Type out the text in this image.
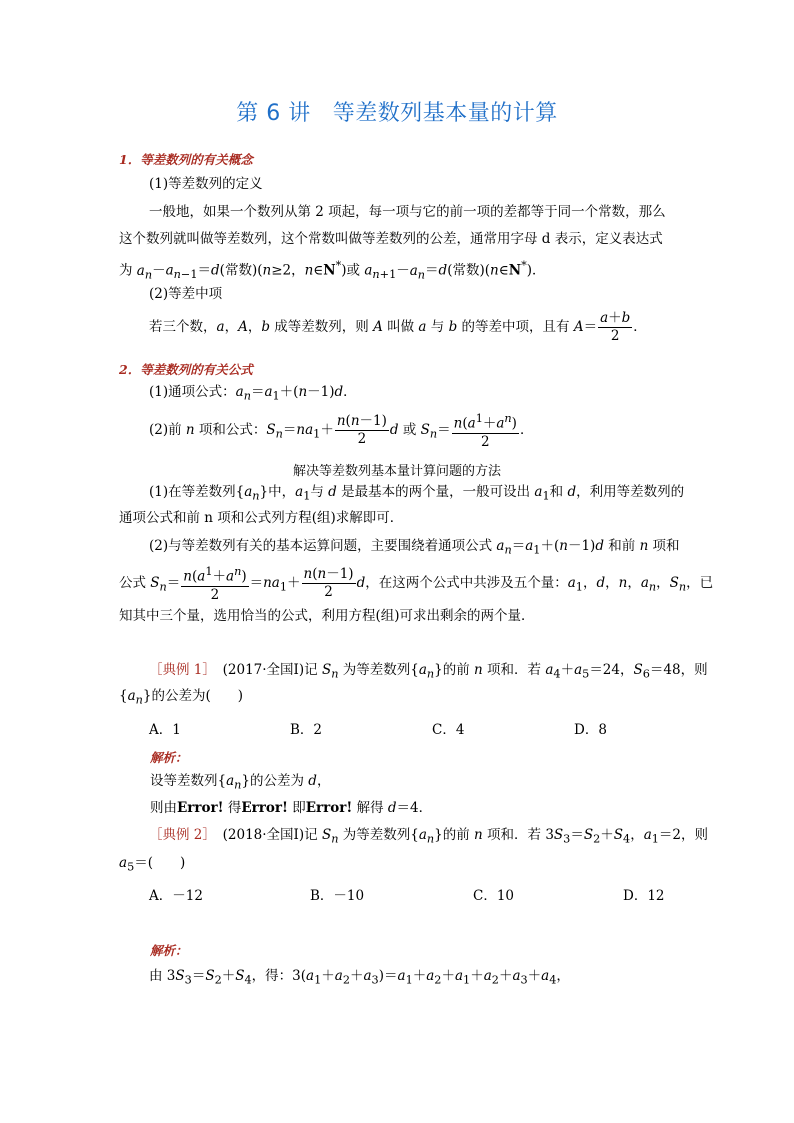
第 6 讲 等差数列基本量的计算
1．等差数列的有关概念
(1)等差数列的定义
一般地，如果一个数列从第 2 项起，每一项与它的前一项的差都等于同一个常数，那么
这个数列就叫做等差数列，这个常数叫做等差数列的公差，通常用字母 d 表示，定义表达式
为 $a_n-a_{n-1}=d$(常数)(n≥2，n∈N*)或 $a_{n+1}-a_n=d$(常数)(n∈N*)．
(2)等差中项
若三个数，a，A，b 成等差数列，则 A 叫做 a 与 b 的等差中项，且有 $A= \frac{a+b}{2}$ ．
2．等差数列的有关公式
(1)通项公式：$a_n=a_1+(n-1)d$．
(2)前 n 项和公式：$S_n=na_1+ \frac{n(n-1)}{2}$ d 或 $S_n= \frac{n(a^1+a^n)}{2}$ ．
解决等差数列基本量计算问题的方法
(1)在等差数列$\{a_n\}$中，$a_1$与 d 是最基本的两个量，一般可设出 $a_1$和 d，利用等差数列的
通项公式和前 n 项和公式列方程(组)求解即可．
(2)与等差数列有关的基本运算问题，主要围绕着通项公式 $a_n=a_1+(n-1)d$ 和前 n 项和
公式 $S_n= \frac{n(a^1+a^n)}{2} =na_1+ \frac{n(n-1)}{2}$ d，在这两个公式中共涉及五个量：$a_1$，d，n，$a_n$，$S_n$，已
知其中三个量，选用恰当的公式，利用方程(组)可求出剩余的两个量．
［典例 1］　(2017·全国Ⅰ)记 $S_n$ 为等差数列$\{a_n\}$的前 n 项和．若 $a_4+a_5=24$，$S_6=48$，则
$\{a_n\}$的公差为(　　)
A．1	B．2	C．4	D．8
解析：
设等差数列$\{a_n\}$的公差为 d，
则由Error! 得Error! 即Error! 解得 d＝4．
［典例 2］　(2018·全国Ⅰ)记 $S_n$ 为等差数列$\{a_n\}$的前 n 项和．若 $3S_3=S_2+S_4$，$a_1=2$，则
$a_5=$(　　)
A．－12	B．－10	C．10	D．12
解析：
由 $3S_3=S_2+S_4$，得：$3(a_1+a_2+a_3)=a_1+a_2+a_1+a_2+a_3+a_4$，
